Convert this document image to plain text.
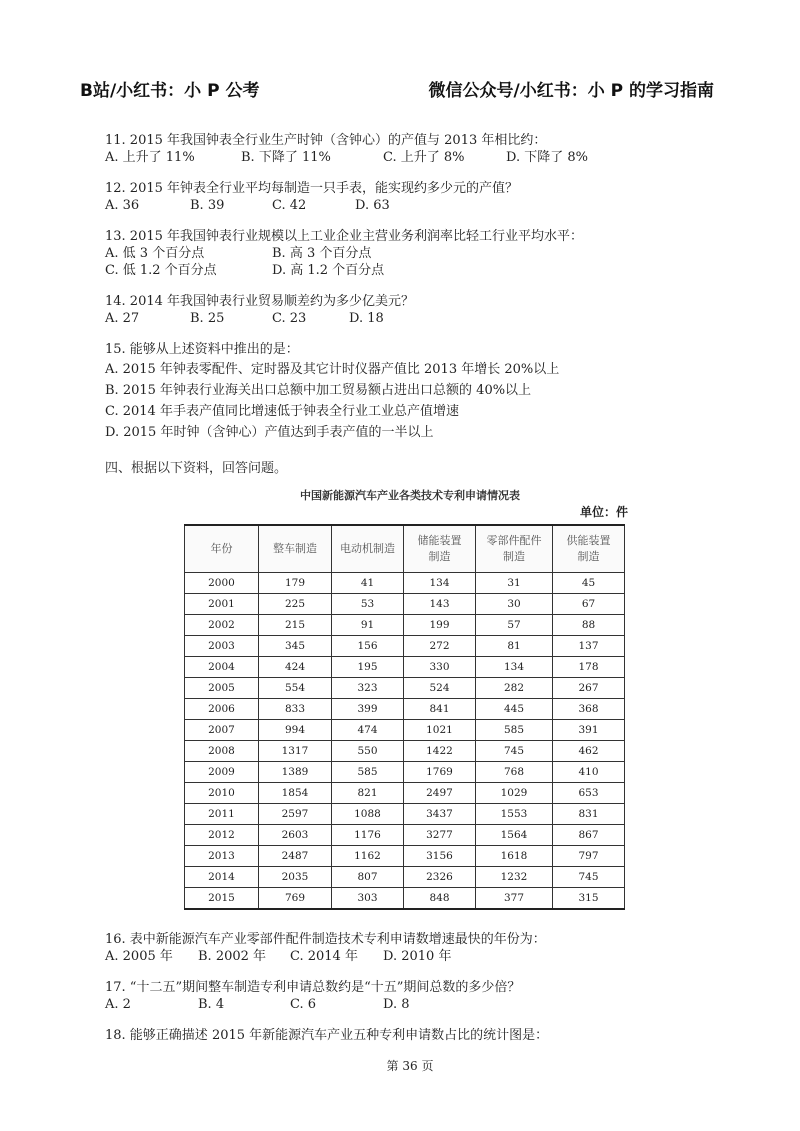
B站/小红书：小 P 公考	微信公众号/小红书：小 P 的学习指南
11. 2015 年我国钟表全行业生产时钟（含钟心）的产值与 2013 年相比约：
A. 上升了 11%	B. 下降了 11%	C. 上升了 8%	D. 下降了 8%
12. 2015 年钟表全行业平均每制造一只手表，能实现约多少元的产值？
A. 36	B. 39	C. 42	D. 63
13. 2015 年我国钟表行业规模以上工业企业主营业务利润率比轻工行业平均水平：
A. 低 3 个百分点	B. 高 3 个百分点
C. 低 1.2 个百分点	D. 高 1.2 个百分点
14. 2014 年我国钟表行业贸易顺差约为多少亿美元？
A. 27	B. 25	C. 23	D. 18
15. 能够从上述资料中推出的是：
A. 2015 年钟表零配件、定时器及其它计时仪器产值比 2013 年增长 20%以上
B. 2015 年钟表行业海关出口总额中加工贸易额占进出口总额的 40%以上
C. 2014 年手表产值同比增速低于钟表全行业工业总产值增速
D. 2015 年时钟（含钟心）产值达到手表产值的一半以上
四、根据以下资料，回答问题。
中国新能源汽车产业各类技术专利申请情况表
单位：件
年份	整车制造	电动机制造	储能装置制造	零部件配件制造	供能装置制造
2000	179	41	134	31	45
2001	225	53	143	30	67
2002	215	91	199	57	88
2003	345	156	272	81	137
2004	424	195	330	134	178
2005	554	323	524	282	267
2006	833	399	841	445	368
2007	994	474	1021	585	391
2008	1317	550	1422	745	462
2009	1389	585	1769	768	410
2010	1854	821	2497	1029	653
2011	2597	1088	3437	1553	831
2012	2603	1176	3277	1564	867
2013	2487	1162	3156	1618	797
2014	2035	807	2326	1232	745
2015	769	303	848	377	315
16. 表中新能源汽车产业零部件配件制造技术专利申请数增速最快的年份为：
A. 2005 年 B. 2002 年 C. 2014 年 D. 2010 年
17. “十二五”期间整车制造专利申请总数约是“十五”期间总数的多少倍？
A. 2	B. 4	C. 6	D. 8
18. 能够正确描述 2015 年新能源汽车产业五种专利申请数占比的统计图是：
第 36 页
